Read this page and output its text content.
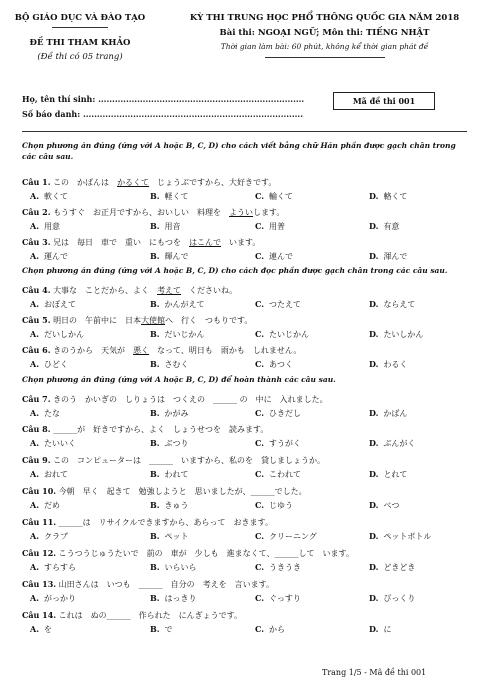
BỘ GIÁO DỤC VÀ ĐÀO TẠO
ĐỀ THI THAM KHẢO
(Đề thi có 05 trang)
KỲ THI TRUNG HỌC PHỔ THÔNG QUỐC GIA NĂM 2018
Bài thi: NGOẠI NGỮ; Môn thi: TIẾNG NHẬT
Thời gian làm bài: 60 phút, không kể thời gian phát đề
Họ, tên thí sinh: ..........................................................................
Số báo danh: ...............................................................................
Mã đề thi 001
Chọn phương án đúng (ứng với A hoặc B, C, D) cho cách viết bằng chữ Hán phần được gạch chân trong các câu sau.
Trang 1/5 - Mã đề thi 001
Câu 1. この　かばんは　かるくて　じょうぶですから、大好きです。
A. 軟くて	B. 軽くて	C. 輸くて	D. 輅くて
Câu 2. もうすぐ　お正月ですから、おいしい　料理を　よういします。
A. 用意	B. 用音	C. 用普	D. 有意
Câu 3. 兄は　毎日　車で　重い　にもつを　はこんで　います。
A. 運んで	B. 輝んで	C. 連んで	D. 渾んで
Chọn phương án đúng (ứng với A hoặc B, C, D) cho cách đọc phần được gạch chân trong các câu sau.
Câu 4. 大事な　ことだから、よく　考えて　くださいね。
A. おぼえて	B. かんがえて	C. つたえて	D. ならえて
Câu 5. 明日の　午前中に　日本大使館へ　行く　つもりです。
A. だいしかん	B. だいじかん	C. たいじかん	D. たいしかん
Câu 6. きのうから　天気が　悪く　なって、明日も　雨かも　しれません。
A. ひどく	B. さむく	C. あつく	D. わるく
Chọn phương án đúng (ứng với A hoặc B, C, D) để hoàn thành các câu sau.
Câu 7. きのう　かいぎの　しりょうは　つくえの　______ の　中に　入れました。
A. たな	B. かがみ	C. ひきだし	D. かばん
Câu 8. ______が　好きですから、よく　しょうせつを　読みます。
A. たいいく	B. ぶつり	C. すうがく	D. ぶんがく
Câu 9. この　コンピューターは　______　いますから、私のを　貸しましょうか。
A. おれて	B. われて	C. こわれて	D. とれて
Câu 10. 今朝　早く　起きて　勉強しようと　思いましたが、______でした。
A. だめ	B. きゅう	C. じゆう	D. べつ
Câu 11. ______は　リサイクルできますから、あらって　おきます。
A. クラブ	B. ペット	C. クリーニング	D. ペットボトル
Câu 12. こうつうじゅうたいで　前の　車が　少しも　進まなくて、______して　います。
A. すらすら	B. いらいら	C. うきうき	D. どきどき
Câu 13. 山田さんは　いつも　______　自分の　考えを　言います。
A. がっかり	B. はっきり	C. ぐっすり	D. びっくり
Câu 14. これは　ぬの______　作られた　にんぎょうです。
A. を	B. で	C. から	D. に
